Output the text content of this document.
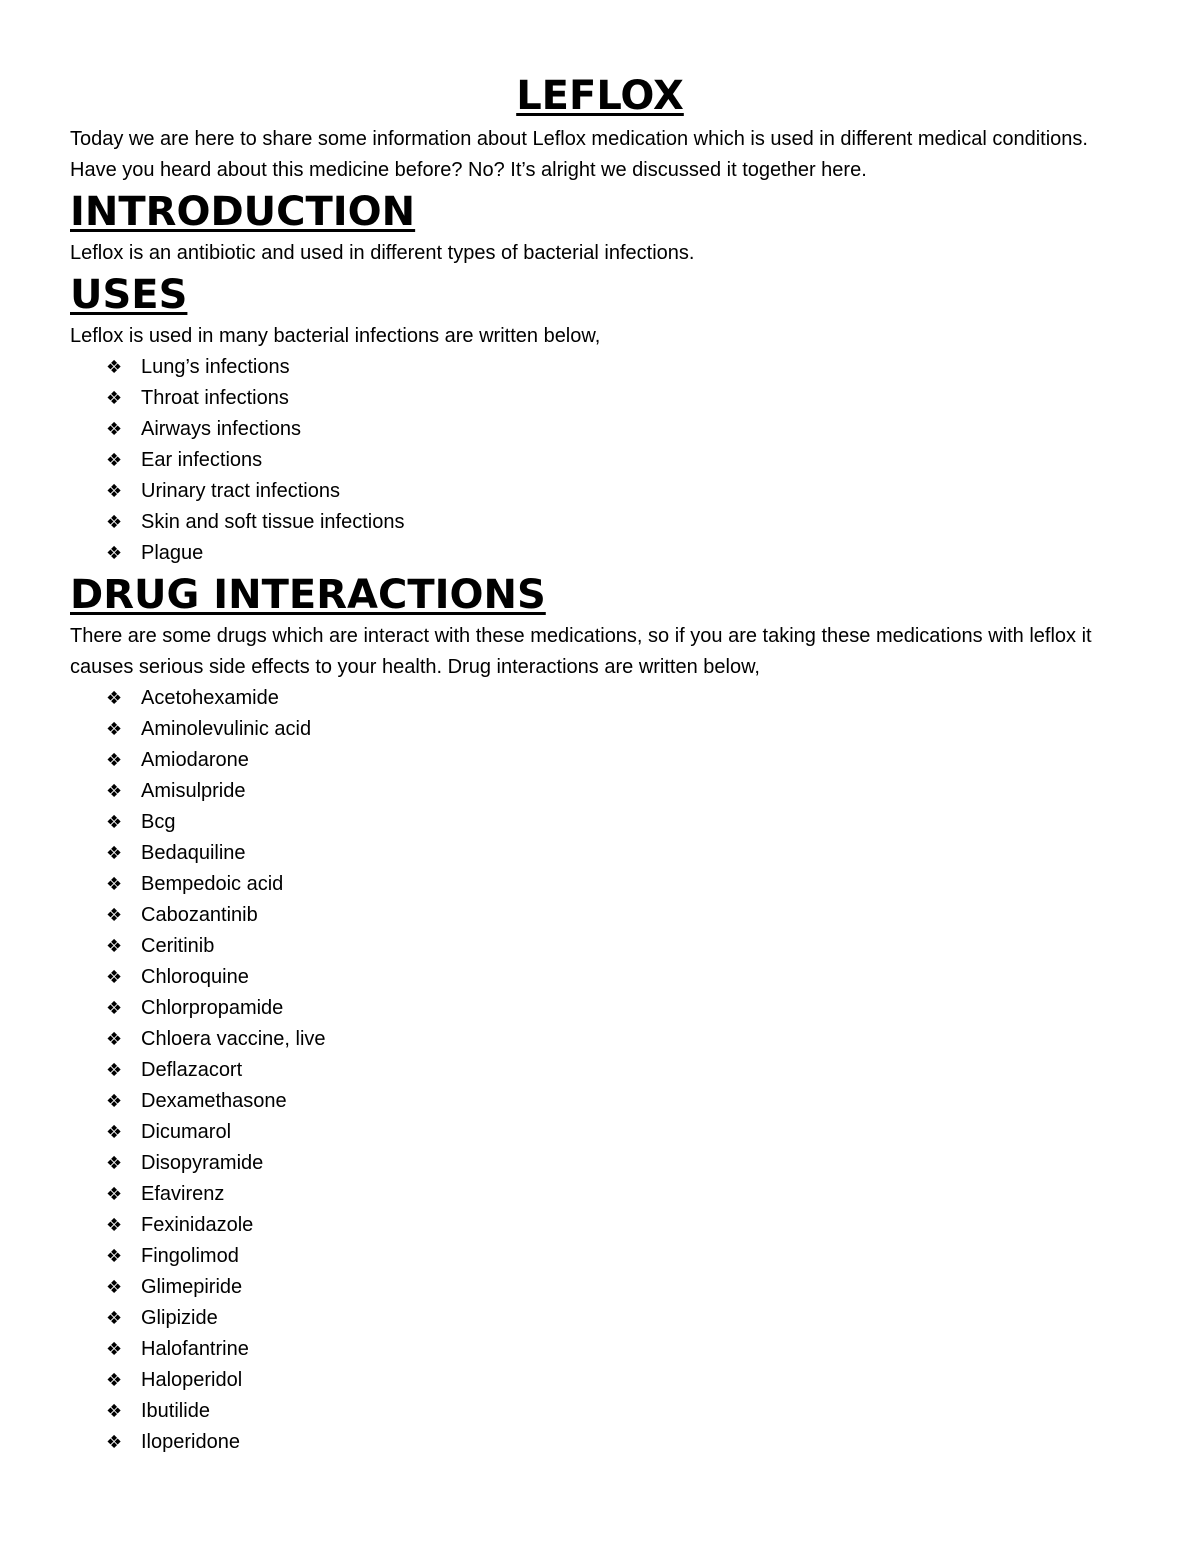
LEFLOX

Today we are here to share some information about Leflox medication which is used in different medical conditions. Have you heard about this medicine before? No? It’s alright we discussed it together here.

INTRODUCTION

Leflox is an antibiotic and used in different types of bacterial infections.

USES

Leflox is used in many bacterial infections are written below,

❖ Lung’s infections
❖ Throat infections
❖ Airways infections
❖ Ear infections
❖ Urinary tract infections
❖ Skin and soft tissue infections
❖ Plague
DRUG INTERACTIONS

There are some drugs which are interact with these medications, so if you are taking these medications with leflox it causes serious side effects to your health. Drug interactions are written below,

❖ Acetohexamide
❖ Aminolevulinic acid
❖ Amiodarone
❖ Amisulpride
❖ Bcg
❖ Bedaquiline
❖ Bempedoic acid
❖ Cabozantinib
❖ Ceritinib
❖ Chloroquine
❖ Chlorpropamide
❖ Chloera vaccine, live
❖ Deflazacort
❖ Dexamethasone
❖ Dicumarol
❖ Disopyramide
❖ Efavirenz
❖ Fexinidazole
❖ Fingolimod
❖ Glimepiride
❖ Glipizide
❖ Halofantrine
❖ Haloperidol
❖ Ibutilide
❖ Iloperidone
